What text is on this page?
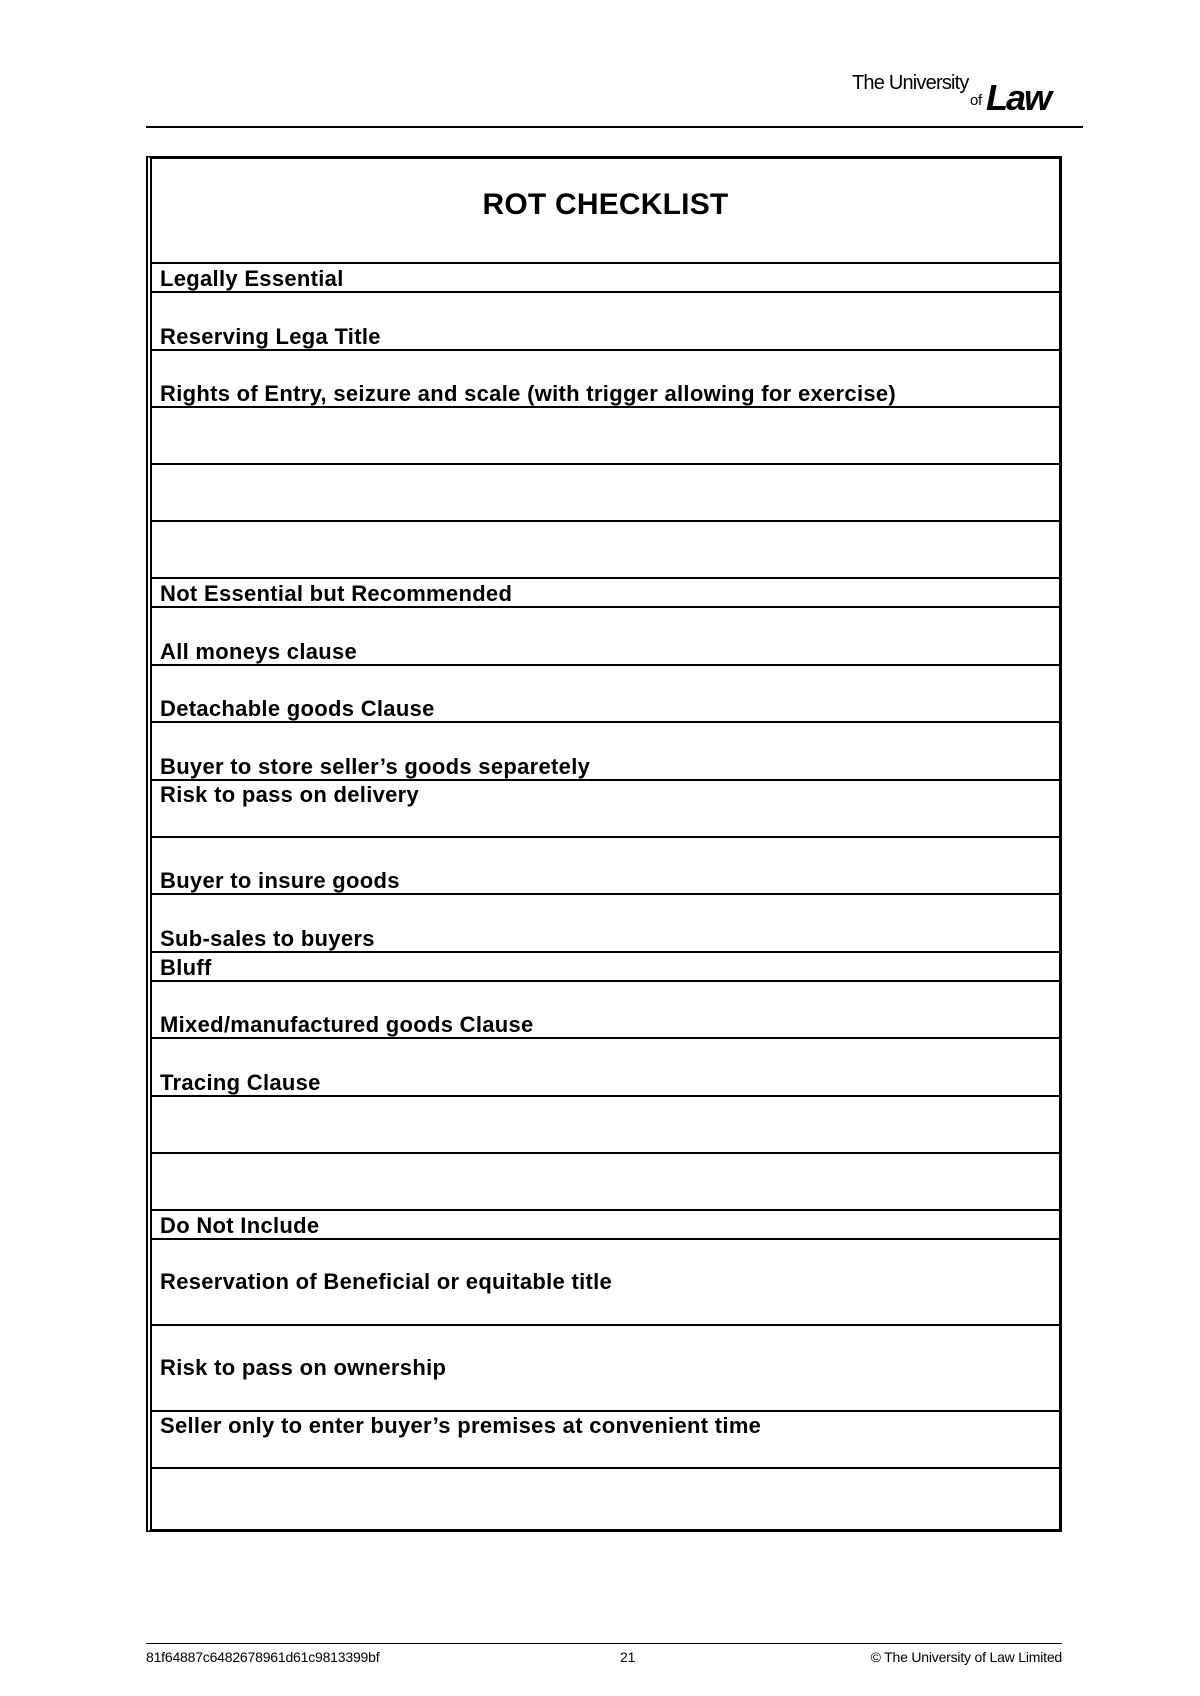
The University
of Law
ROT CHECKLIST
Legally Essential
Reserving Lega Title
Rights of Entry, seizure and scale (with trigger allowing for exercise)
Not Essential but Recommended
All moneys clause
Detachable goods Clause
Buyer to store seller’s goods separetely
Risk to pass on delivery
Buyer to insure goods
Sub-sales to buyers
Bluff
Mixed/manufactured goods Clause
Tracing Clause
Do Not Include
Reservation of Beneficial or equitable title
Risk to pass on ownership
Seller only to enter buyer’s premises at convenient time
81f64887c6482678961d61c9813399bf	21	© The University of Law Limited
